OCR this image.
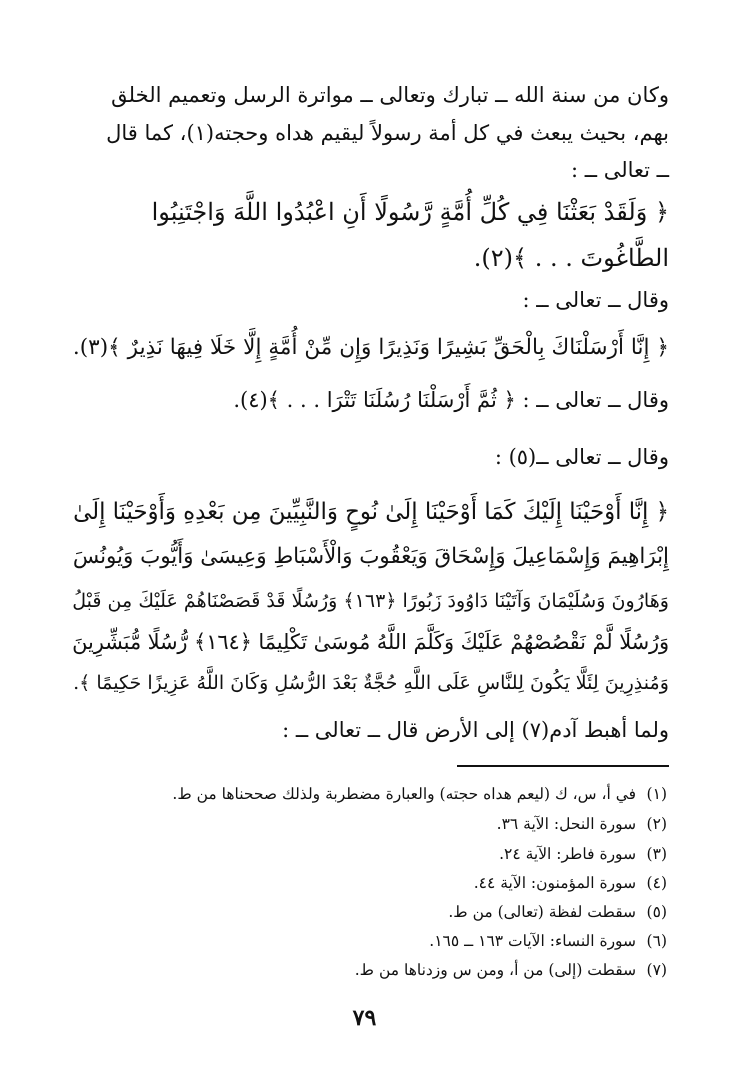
وكان من سنة الله ــ تبارك وتعالى ــ مواترة الرسل وتعميم الخلق
بهم، بحيث يبعث في كل أمة رسولاً ليقيم هداه وحجته(١)، كما قال
ــ تعالى ــ :
﴿ وَلَقَدْ بَعَثْنَا فِي كُلِّ أُمَّةٍ رَّسُولًا أَنِ اعْبُدُوا اللَّهَ وَاجْتَنِبُوا
الطَّاغُوتَ . . . ﴾(٢).
وقال ــ تعالى ــ :
﴿ إِنَّا أَرْسَلْنَاكَ بِالْحَقِّ بَشِيرًا وَنَذِيرًا وَإِن مِّنْ أُمَّةٍ إِلَّا خَلَا فِيهَا نَذِيرٌ ﴾(٣).
وقال ــ تعالى ــ : ﴿ ثُمَّ أَرْسَلْنَا رُسُلَنَا تَتْرَا . . . ﴾(٤).
وقال ــ تعالى ــ(٥) :
﴿ إِنَّا أَوْحَيْنَا إِلَيْكَ كَمَا أَوْحَيْنَا إِلَىٰ نُوحٍ وَالنَّبِيِّينَ مِن بَعْدِهِ وَأَوْحَيْنَا إِلَىٰ
إِبْرَاهِيمَ وَإِسْمَاعِيلَ وَإِسْحَاقَ وَيَعْقُوبَ وَالْأَسْبَاطِ وَعِيسَىٰ وَأَيُّوبَ وَيُونُسَ
وَهَارُونَ وَسُلَيْمَانَ وَآتَيْنَا دَاوُودَ زَبُورًا ﴿١٦٣﴾ وَرُسُلًا قَدْ قَصَصْنَاهُمْ عَلَيْكَ مِن قَبْلُ
وَرُسُلًا لَّمْ نَقْصُصْهُمْ عَلَيْكَ وَكَلَّمَ اللَّهُ مُوسَىٰ تَكْلِيمًا ﴿١٦٤﴾ رُّسُلًا مُّبَشِّرِينَ
وَمُنذِرِينَ لِئَلَّا يَكُونَ لِلنَّاسِ عَلَى اللَّهِ حُجَّةٌ بَعْدَ الرُّسُلِ وَكَانَ اللَّهُ عَزِيزًا حَكِيمًا ﴾.
ولما أهبط آدم(٧) إلى الأرض قال ــ تعالى ــ :
(١) في أ، س، ك (ليعم هداه حجته) والعبارة مضطربة ولذلك صححناها من ط.
(٢) سورة النحل: الآية ٣٦.
(٣) سورة فاطر: الآية ٢٤.
(٤) سورة المؤمنون: الآية ٤٤.
(٥) سقطت لفظة (تعالى) من ط.
(٦) سورة النساء: الآيات ١٦٣ ــ ١٦٥.
(٧) سقطت (إلى) من أ، ومن س وزدناها من ط.
٧٩
